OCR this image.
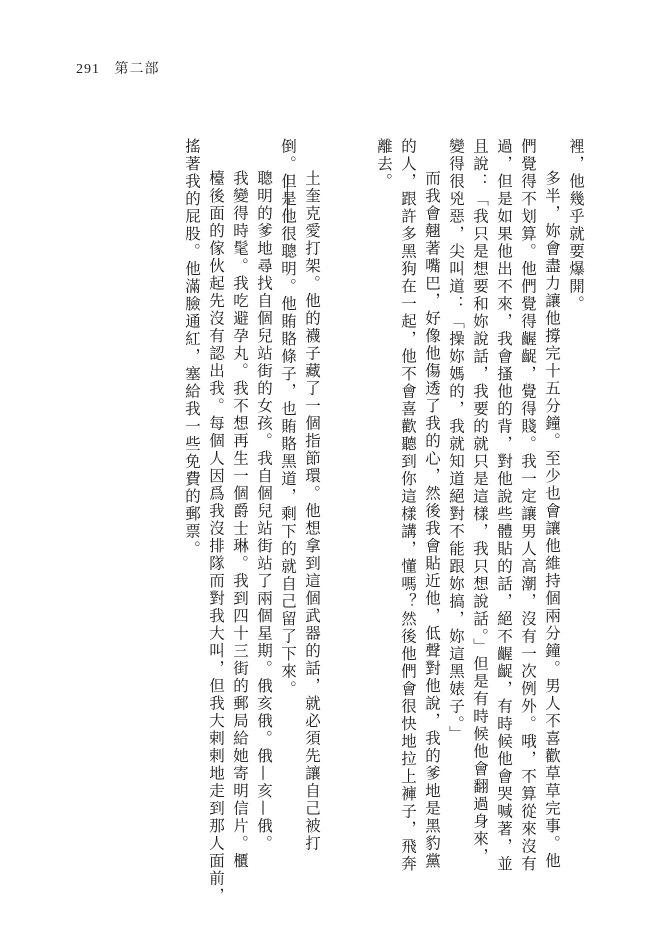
291 第二部
裡，他幾乎就要爆開。
多半，妳會盡力讓他撐完十五分鐘。至少也會讓他維持個兩分鐘。男人不喜歡草草完事。他
們覺得不划算。他們覺得齷齪，覺得賤。我一定讓男人高潮，沒有一次例外。哦，不算從來沒有
過，但是如果他出不來，我會搔他的背，對他說些體貼的話，絕不齷齪，有時候他會哭喊著，並
且說：「我只是想要和妳說話，我要的就只是這樣，我只想說話。」但是有時候他會翻過身來，
變得很兇惡，尖叫道：「操妳媽的，我就知道絕對不能跟妳搞，妳這黑婊子。」
而我會翹著嘴巴，好像他傷透了我的心，然後我會貼近他，低聲對他說，我的爹地是黑豹黨
的人，跟許多黑狗在一起，他不會喜歡聽到你這樣講，懂嗎？然後他們會很快地拉上褲子，飛奔
離去。
土奎克愛打架。他的襪子藏了一個指節環。他想拿到這個武器的話，就必須先讓自己被打
倒。但是他很聰明。他賄賂條子，也賄賂黑道，剩下的就自己留了下來。
聰明的爹地尋找自個兒站街的女孩。我自個兒站街站了兩個星期。俄亥俄。俄—亥—俄。
我變得時髦。我吃避孕丸。我不想再生一個爵士琳。我到四十三街的郵局給她寄明信片。櫃
檯後面的傢伙起先沒有認出我。每個人因爲我沒排隊而對我大叫，但我大剌剌地走到那人面前，
搖著我的屁股。他滿臉通紅，塞給我一些免費的郵票。
